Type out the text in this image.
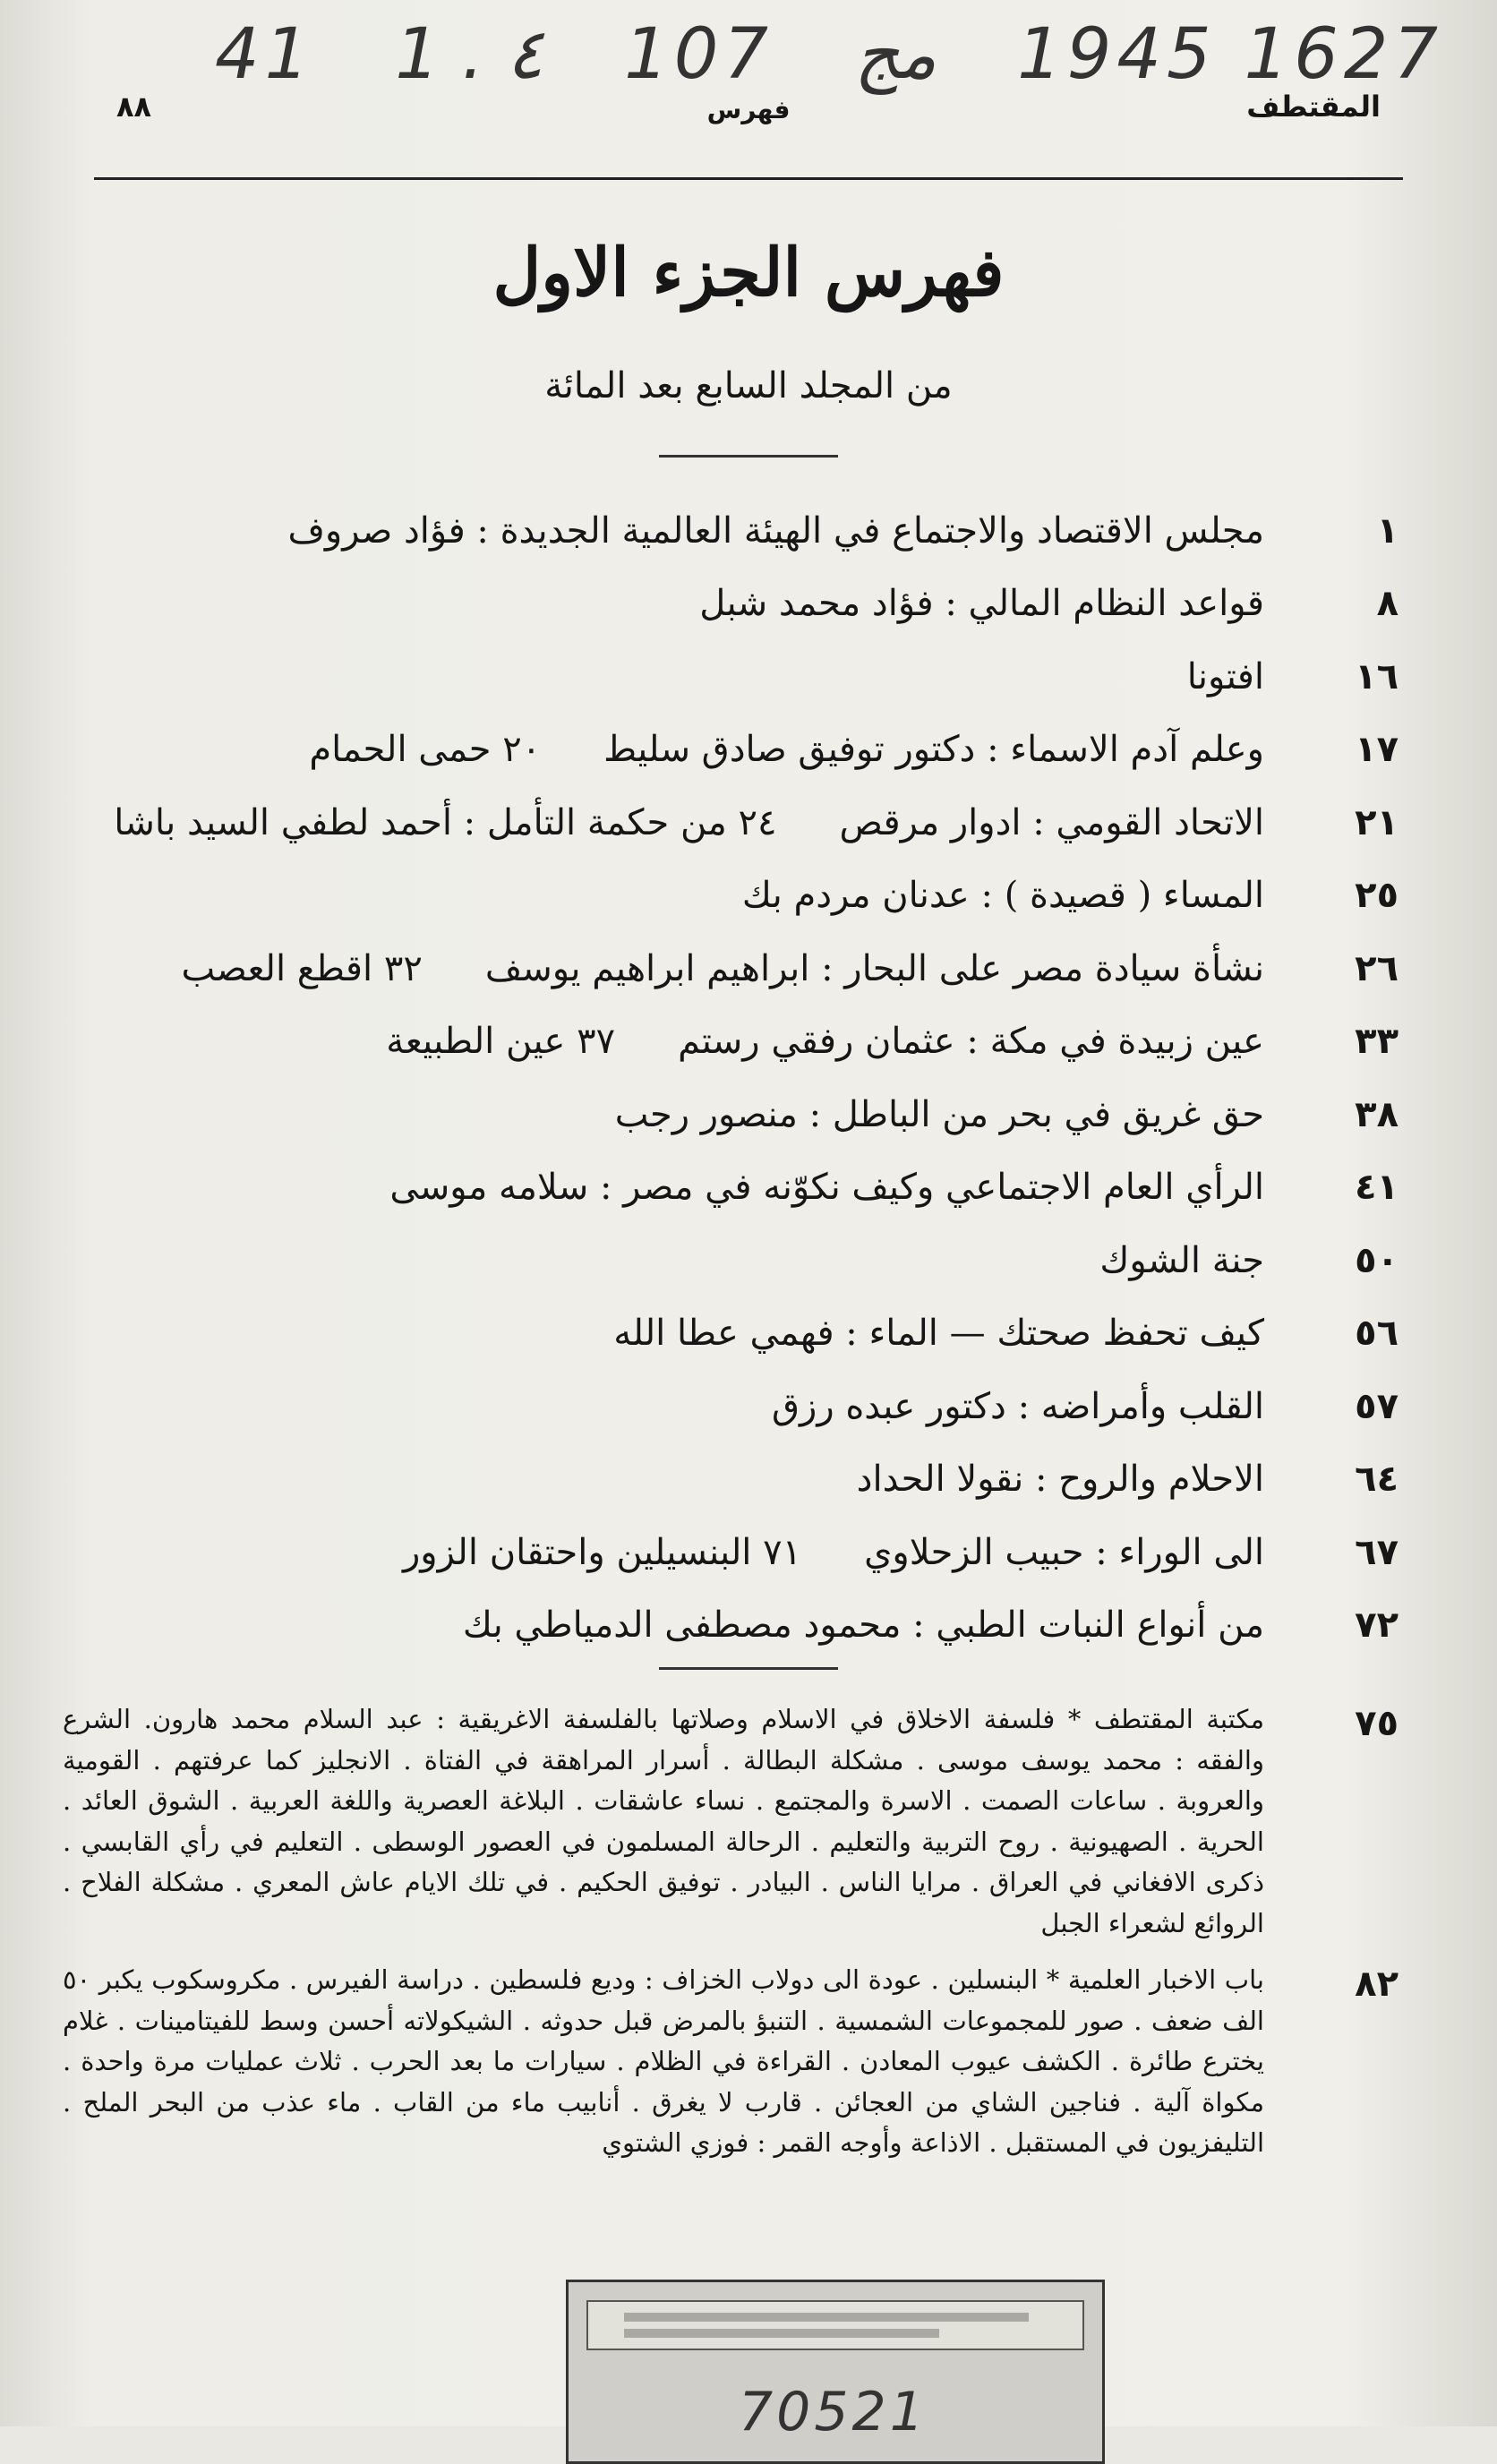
41 1 . ٤ 107 مج 1945 1627
٨٨	فهرس	المقتطف
فهرس الجزء الاول
من المجلد السابع بعد المائة
١
مجلس الاقتصاد والاجتماع في الهيئة العالمية الجديدة : فؤاد صروف
٨
قواعد النظام المالي : فؤاد محمد شبل
١٦
افتونا
١٧
وعلم آدم الاسماء : دكتور توفيق صادق سليط٢٠ حمى الحمام
٢١
الاتحاد القومي : ادوار مرقص٢٤ من حكمة التأمل : أحمد لطفي السيد باشا
٢٥
المساء ( قصيدة ) : عدنان مردم بك
٢٦
نشأة سيادة مصر على البحار : ابراهيم ابراهيم يوسف٣٢ اقطع العصب
٣٣
عين زبيدة في مكة : عثمان رفقي رستم٣٧ عين الطبيعة
٣٨
حق غريق في بحر من الباطل : منصور رجب
٤١
الرأي العام الاجتماعي وكيف نكوّنه في مصر : سلامه موسى
٥٠
جنة الشوك
٥٦
كيف تحفظ صحتك — الماء : فهمي عطا الله
٥٧
القلب وأمراضه : دكتور عبده رزق
٦٤
الاحلام والروح : نقولا الحداد
٦٧
الى الوراء : حبيب الزحلاوي٧١ البنسيلين واحتقان الزور
٧٢
من أنواع النبات الطبي : محمود مصطفى الدمياطي بك
٧٥
مكتبة المقتطف * فلسفة الاخلاق في الاسلام وصلاتها بالفلسفة الاغريقية : عبد السلام محمد هارون. الشرع والفقه : محمد يوسف موسى . مشكلة البطالة . أسرار المراهقة في الفتاة . الانجليز كما عرفتهم . القومية والعروبة . ساعات الصمت . الاسرة والمجتمع . نساء عاشقات . البلاغة العصرية واللغة العربية . الشوق العائد . الحرية . الصهيونية . روح التربية والتعليم . الرحالة المسلمون في العصور الوسطى . التعليم في رأي القابسي . ذكرى الافغاني في العراق . مرايا الناس . البيادر . توفيق الحكيم . في تلك الايام عاش المعري . مشكلة الفلاح . الروائع لشعراء الجبل
٨٢
باب الاخبار العلمية * البنسلين . عودة الى دولاب الخزاف : وديع فلسطين . دراسة الفيرس . مكروسكوب يكبر ٥٠ الف ضعف . صور للمجموعات الشمسية . التنبؤ بالمرض قبل حدوثه . الشيكولاته أحسن وسط للفيتامينات . غلام يخترع طائرة . الكشف عيوب المعادن . القراءة في الظلام . سيارات ما بعد الحرب . ثلاث عمليات مرة واحدة . مكواة آلية . فناجين الشاي من العجائن . قارب لا يغرق . أنابيب ماء من القاب . ماء عذب من البحر الملح . التليفزيون في المستقبل . الاذاعة وأوجه القمر : فوزي الشتوي
70521
